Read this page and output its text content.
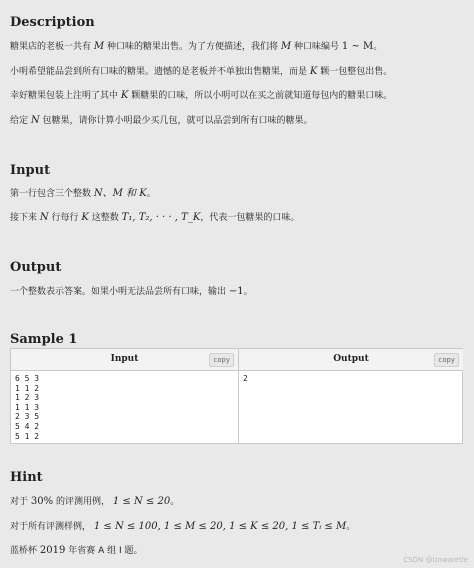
Description

糖果店的老板一共有 M 种口味的糖果出售。为了方便描述，我们将 M 种口味编号 1 ~ M。

小明希望能品尝到所有口味的糖果。遗憾的是老板并不单独出售糖果，而是 K 颗一包整包出售。

幸好糖果包装上注明了其中 K 颗糖果的口味，所以小明可以在买之前就知道每包内的糖果口味。

给定 N 包糖果，请你计算小明最少买几包，就可以品尝到所有口味的糖果。

Input

第一行包含三个整数 N、M 和 K。

接下来 N 行每行 K 这整数 T₁, T₂, · · · , T_K，代表一包糖果的口味。

Output

一个整数表示答案。如果小明无法品尝所有口味，输出 −1。

Sample 1
Input	copy
6 5 3
1 1 2
1 2 3
1 1 3
2 3 5
5 4 2
5 1 2
Output	copy
2
Hint

对于 30% 的评测用例， 1 ≤ N ≤ 20。

对于所有评测样例， 1 ≤ N ≤ 100, 1 ≤ M ≤ 20, 1 ≤ K ≤ 20, 1 ≤ Tᵢ ≤ M。

蓝桥杯 2019 年省赛 A 组 I 题。

CSDN @Unwaretle
